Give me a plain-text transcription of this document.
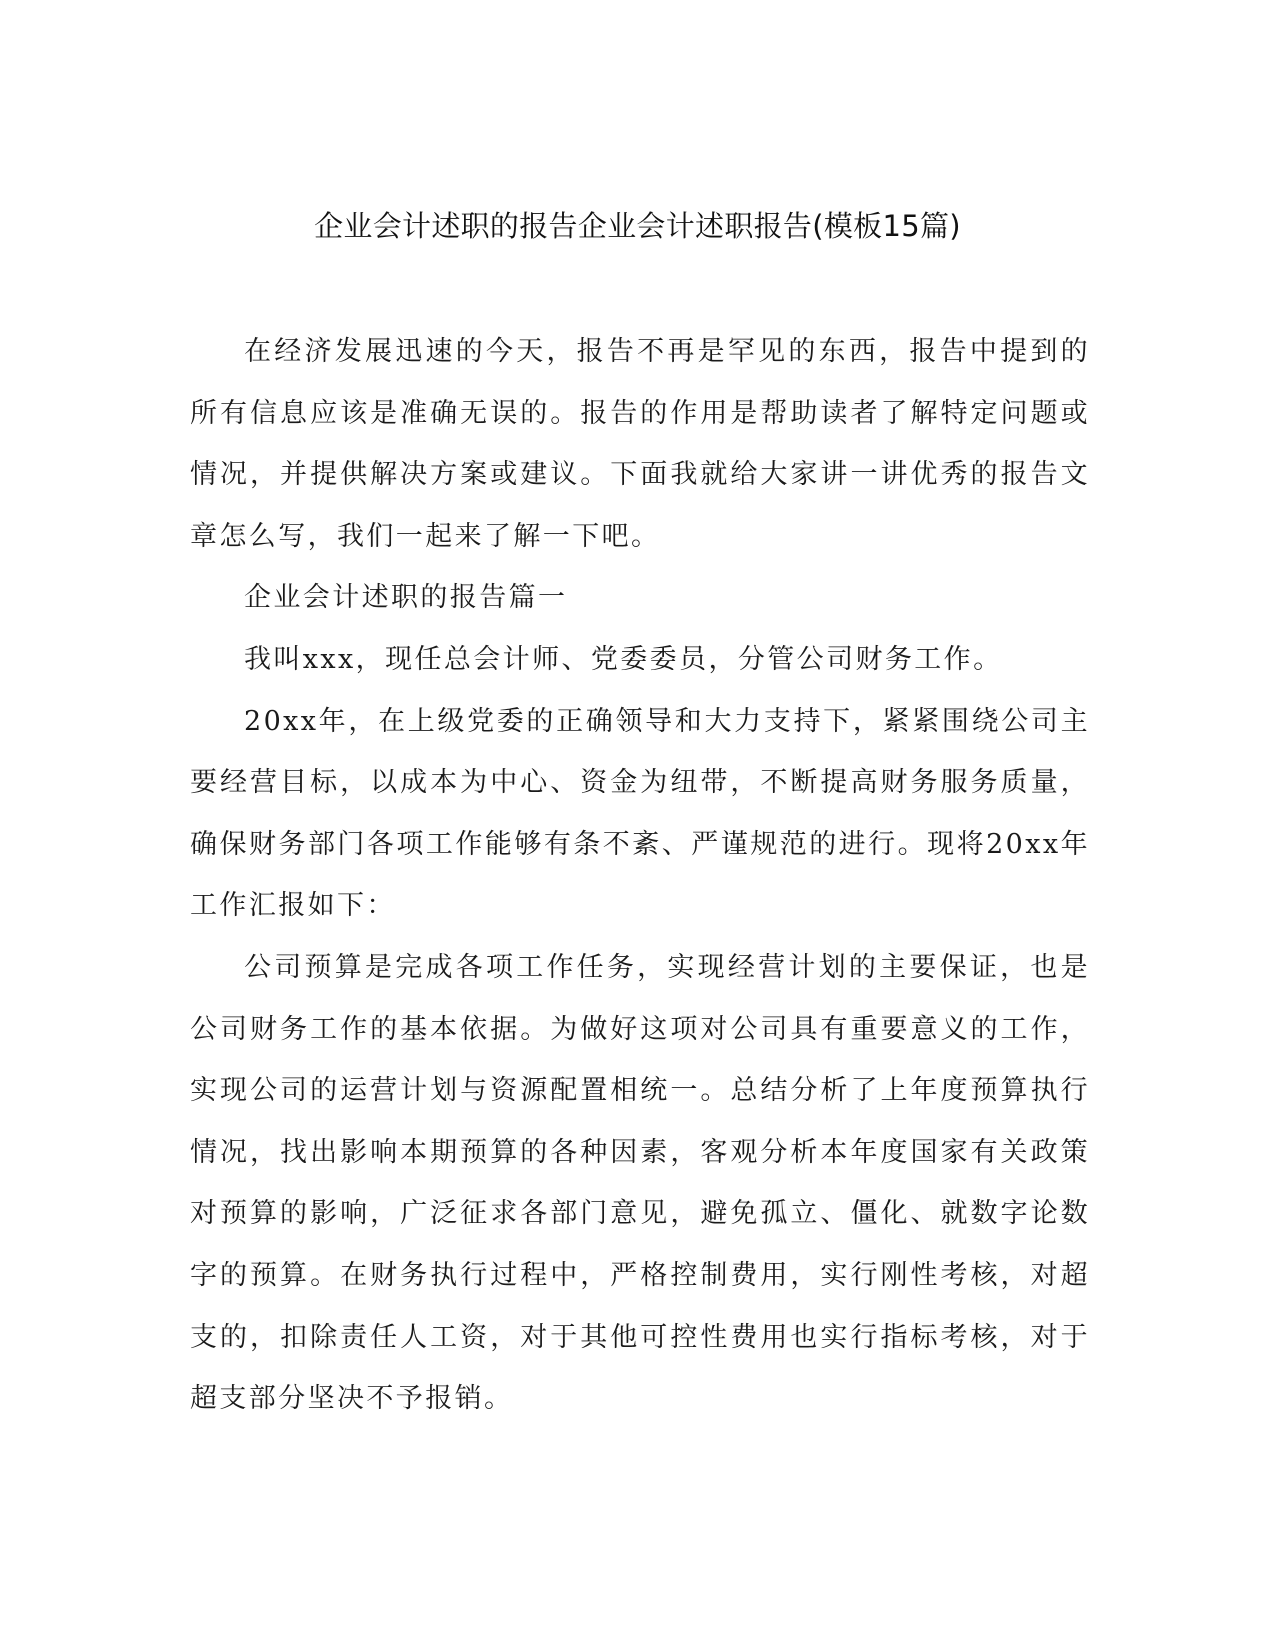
企业会计述职的报告企业会计述职报告(模板15篇)

在经济发展迅速的今天，报告不再是罕见的东西，报告中提到的所有信息应该是准确无误的。报告的作用是帮助读者了解特定问题或情况，并提供解决方案或建议。下面我就给大家讲一讲优秀的报告文章怎么写，我们一起来了解一下吧。

企业会计述职的报告篇一

我叫xxx，现任总会计师、党委委员，分管公司财务工作。

20xx年，在上级党委的正确领导和大力支持下，紧紧围绕公司主要经营目标，以成本为中心、资金为纽带，不断提高财务服务质量，确保财务部门各项工作能够有条不紊、严谨规范的进行。现将20xx年工作汇报如下：

公司预算是完成各项工作任务，实现经营计划的主要保证，也是公司财务工作的基本依据。为做好这项对公司具有重要意义的工作，实现公司的运营计划与资源配置相统一。总结分析了上年度预算执行情况，找出影响本期预算的各种因素，客观分析本年度国家有关政策对预算的影响，广泛征求各部门意见，避免孤立、僵化、就数字论数字的预算。在财务执行过程中，严格控制费用，实行刚性考核，对超支的，扣除责任人工资，对于其他可控性费用也实行指标考核，对于超支部分坚决不予报销。
